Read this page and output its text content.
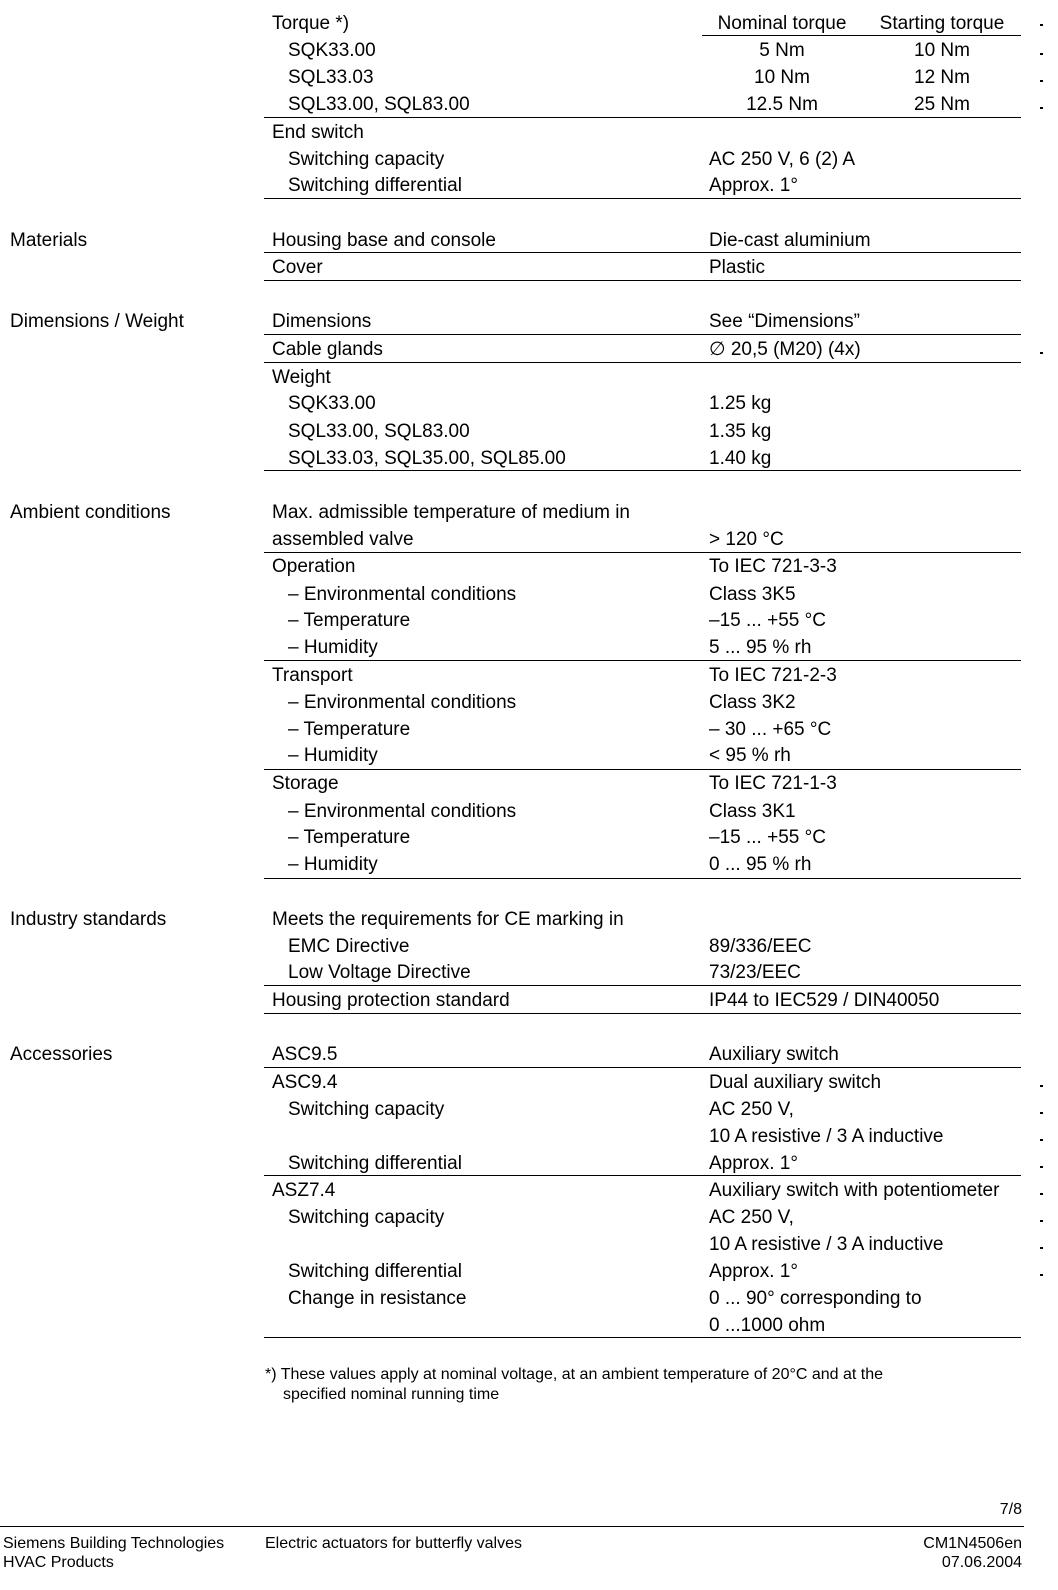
Torque *)	Nominal torque	Starting torque
SQK33.00	5 Nm	10 Nm
SQL33.03	10 Nm	12 Nm
SQL33.00, SQL83.00	12.5 Nm	25 Nm
End switch
Switching capacity	AC 250 V, 6 (2) A
Switching differential	Approx. 1°
Materials	Housing base and console	Die-cast aluminium
Cover	Plastic
Dimensions / Weight	Dimensions	See “Dimensions”
Cable glands	∅ 20,5 (M20) (4x)
Weight
SQK33.00	1.25 kg
SQL33.00, SQL83.00	1.35 kg
SQL33.03, SQL35.00, SQL85.00	1.40 kg
Ambient conditions	Max. admissible temperature of medium in
assembled valve	> 120 °C
Operation	To IEC 721-3-3
– Environmental conditions	Class 3K5
– Temperature	–15 ... +55 °C
– Humidity	5 ... 95 % rh
Transport	To IEC 721-2-3
– Environmental conditions	Class 3K2
– Temperature	– 30 ... +65 °C
– Humidity	< 95 % rh
Storage	To IEC 721-1-3
– Environmental conditions	Class 3K1
– Temperature	–15 ... +55 °C
– Humidity	0 ... 95 % rh
Industry standards	Meets the requirements for CE marking in
EMC Directive	89/336/EEC
Low Voltage Directive	73/23/EEC
Housing protection standard	IP44 to IEC529 / DIN40050
Accessories	ASC9.5	Auxiliary switch
ASC9.4	Dual auxiliary switch
Switching capacity	AC 250 V,
10 A resistive / 3 A inductive
Switching differential	Approx. 1°
ASZ7.4	Auxiliary switch with potentiometer
Switching capacity	AC 250 V,
10 A resistive / 3 A inductive
Switching differential	Approx. 1°
Change in resistance	0 ... 90° corresponding to
0 ...1000 ohm
*) These values apply at nominal voltage, at an ambient temperature of 20°C and at the
specified nominal running time
7/8
Siemens Building Technologies
HVAC Products
Electric actuators for butterfly valves	CM1N4506en
07.06.2004
